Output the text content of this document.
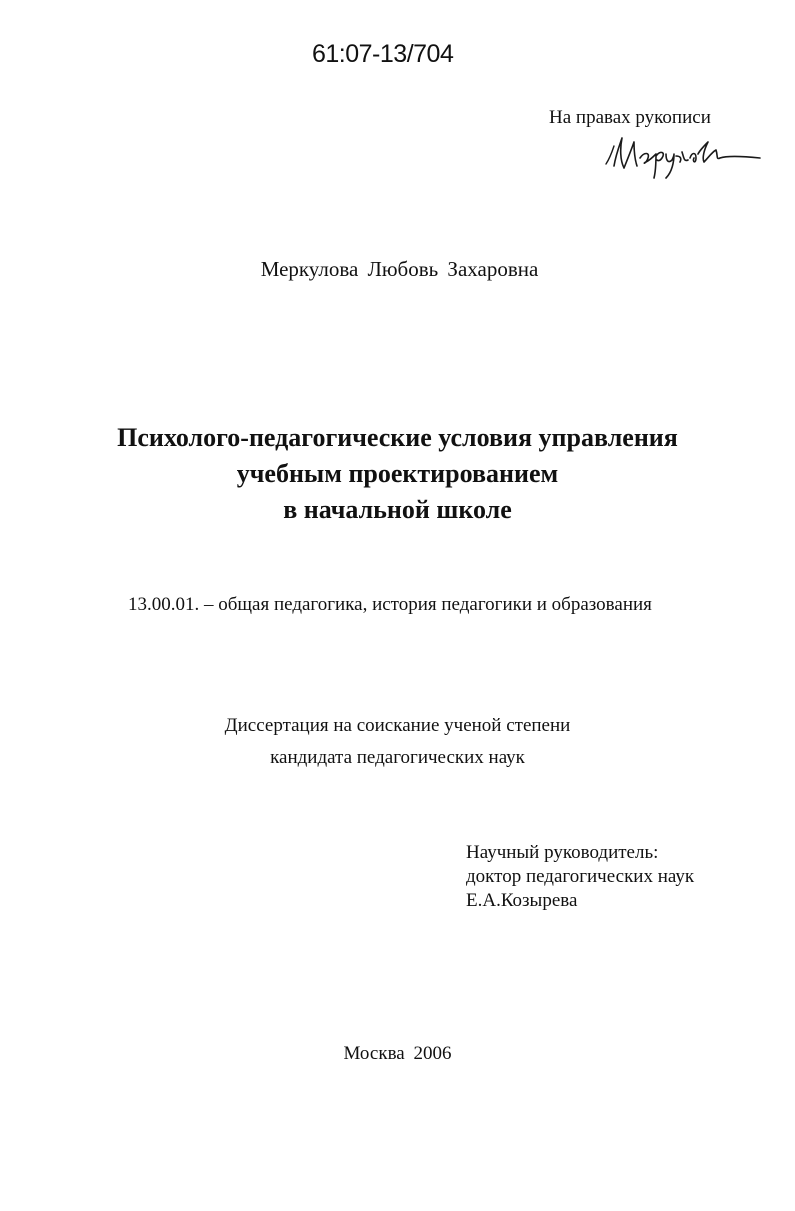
61:07-13/704
На правах рукописи
Меркулова Любовь Захаровна
Психолого-педагогические условия управления
учебным проектированием
в начальной школе
13.00.01. – общая педагогика, история педагогики и образования
Диссертация на соискание ученой степени
кандидата педагогических наук
Научный руководитель:
доктор педагогических наук
Е.А.Козырева
Москва 2006
